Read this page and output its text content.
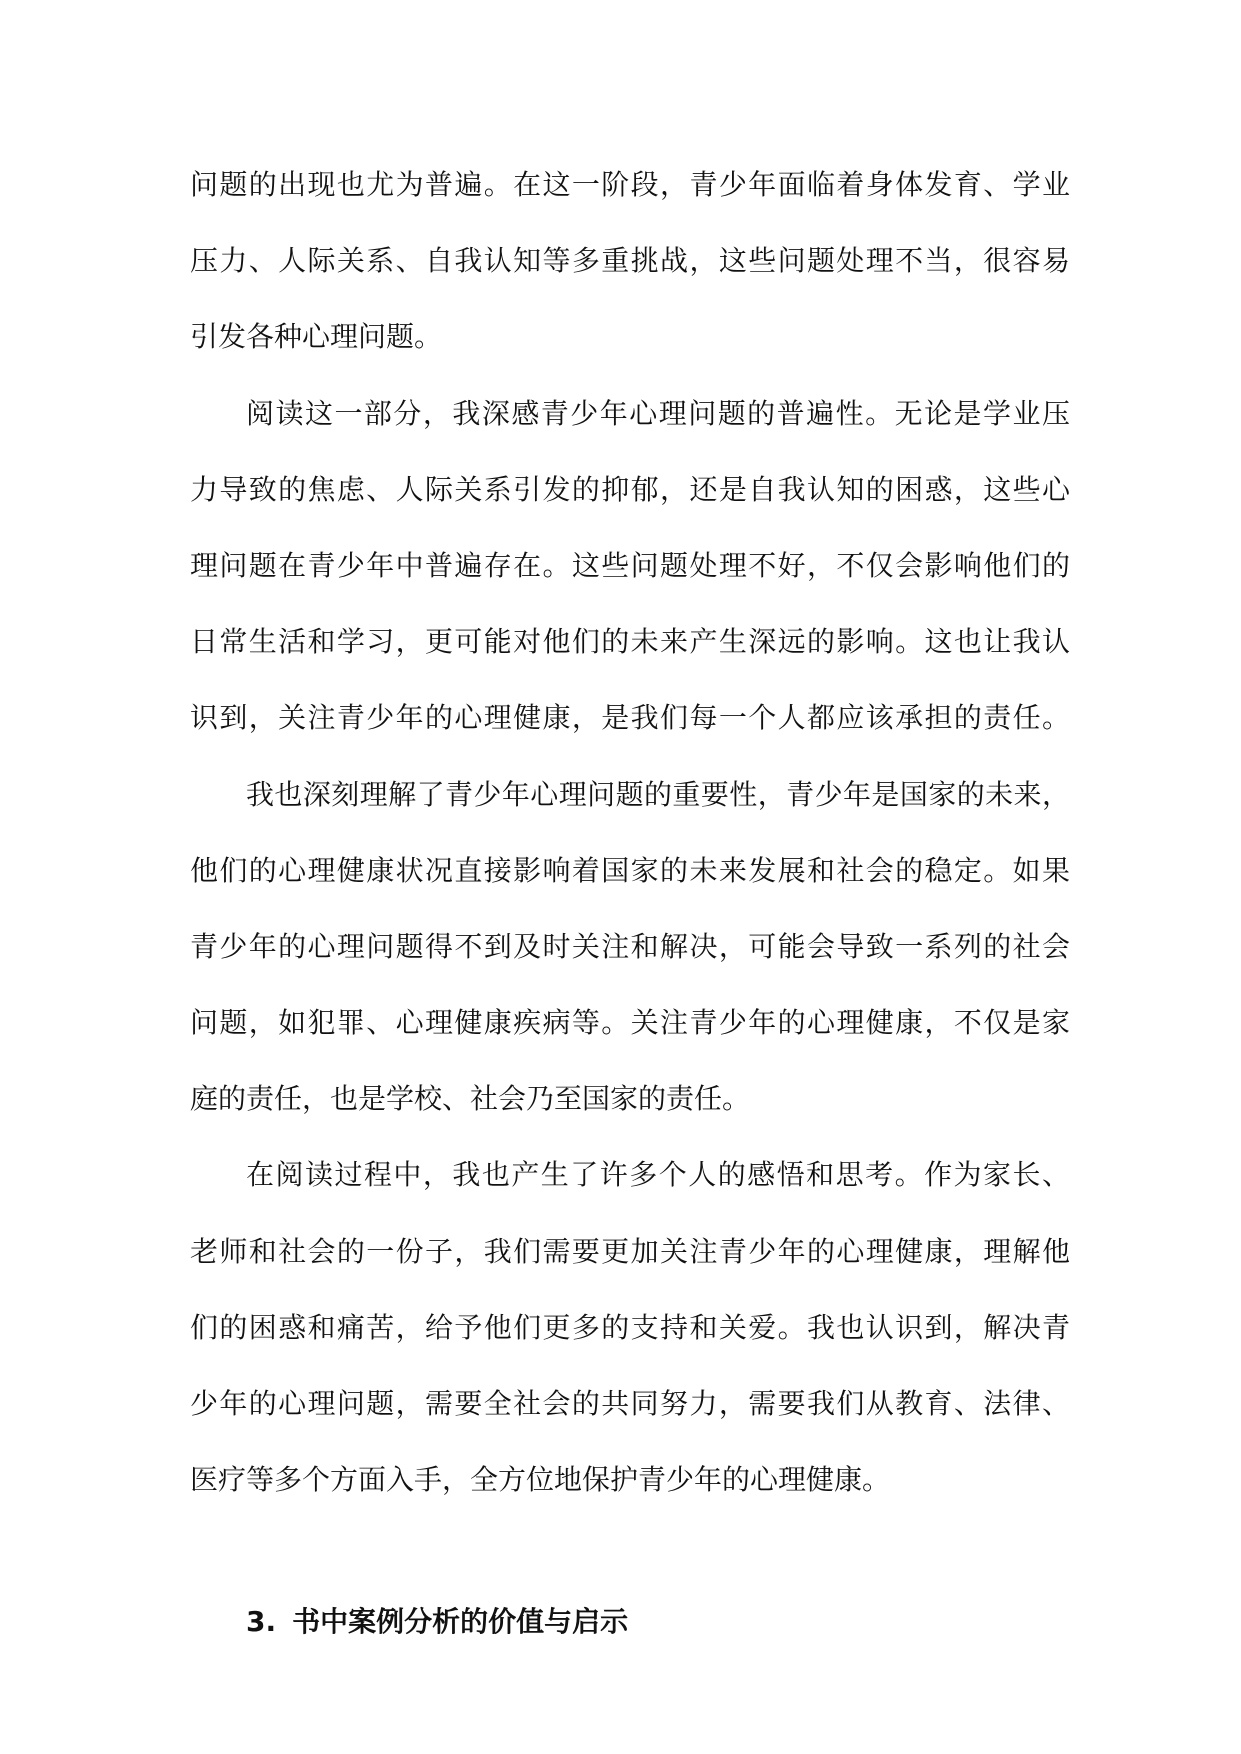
问题的出现也尤为普遍。在这一阶段，青少年面临着身体发育、学业
压力、人际关系、自我认知等多重挑战，这些问题处理不当，很容易
引发各种心理问题。
阅读这一部分，我深感青少年心理问题的普遍性。无论是学业压
力导致的焦虑、人际关系引发的抑郁，还是自我认知的困惑，这些心
理问题在青少年中普遍存在。这些问题处理不好，不仅会影响他们的
日常生活和学习，更可能对他们的未来产生深远的影响。这也让我认
识到，关注青少年的心理健康，是我们每一个人都应该承担的责任。
我也深刻理解了青少年心理问题的重要性，青少年是国家的未来，
他们的心理健康状况直接影响着国家的未来发展和社会的稳定。如果
青少年的心理问题得不到及时关注和解决，可能会导致一系列的社会
问题，如犯罪、心理健康疾病等。关注青少年的心理健康，不仅是家
庭的责任，也是学校、社会乃至国家的责任。
在阅读过程中，我也产生了许多个人的感悟和思考。作为家长、
老师和社会的一份子，我们需要更加关注青少年的心理健康，理解他
们的困惑和痛苦，给予他们更多的支持和关爱。我也认识到，解决青
少年的心理问题，需要全社会的共同努力，需要我们从教育、法律、
医疗等多个方面入手，全方位地保护青少年的心理健康。
3. 书中案例分析的价值与启示
